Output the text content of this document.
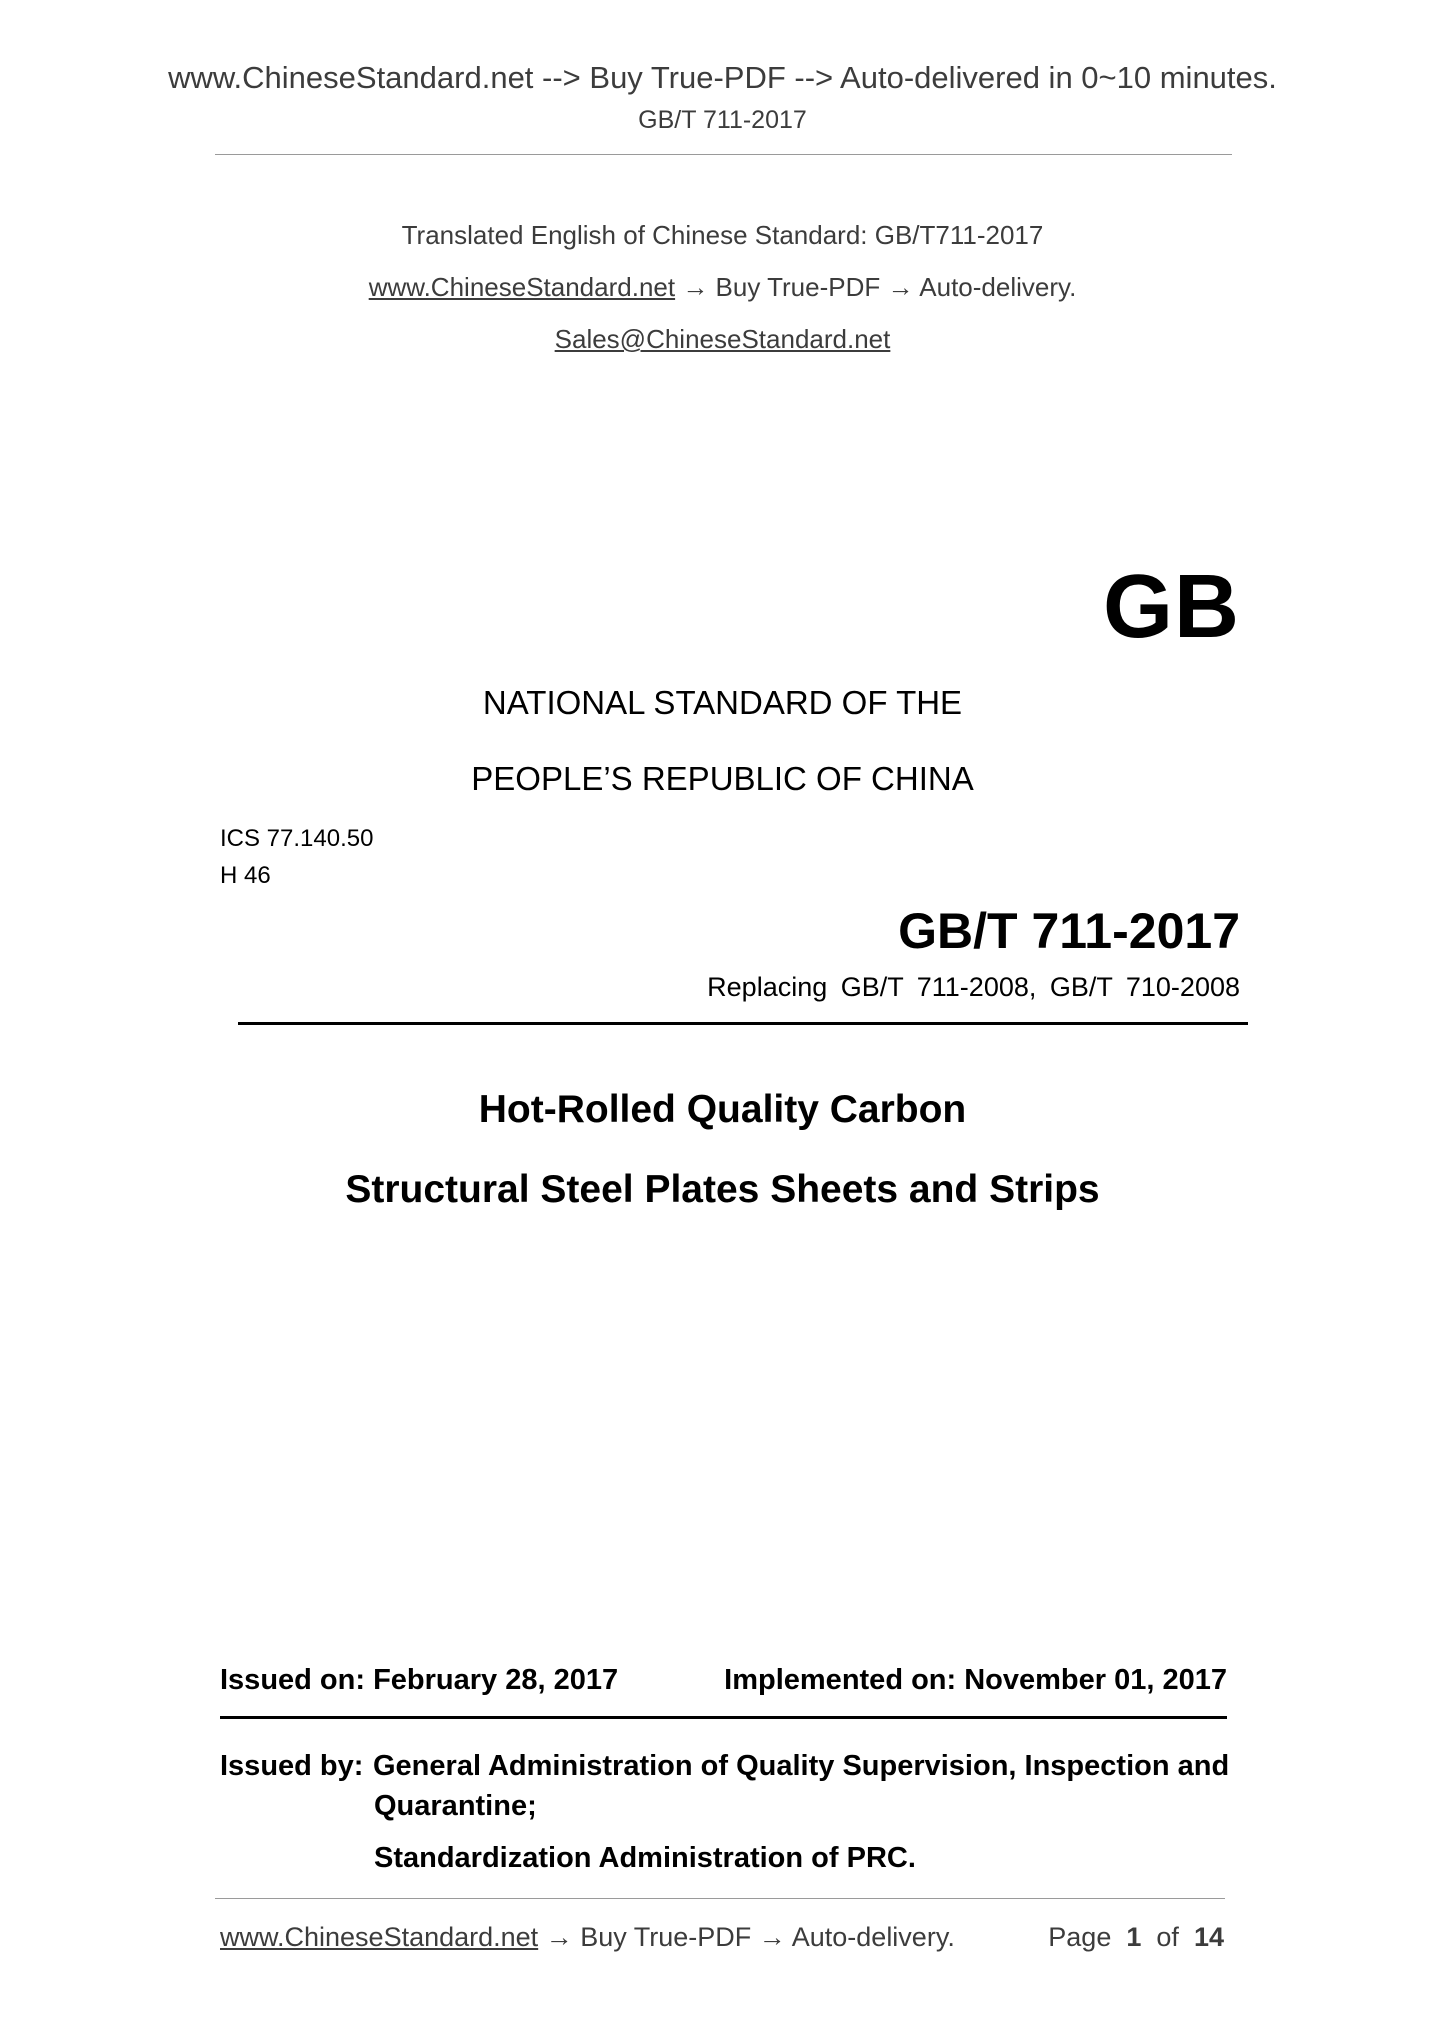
www.ChineseStandard.net --> Buy True-PDF --> Auto-delivered in 0~10 minutes.
GB/T 711-2017
Translated English of Chinese Standard: GB/T711-2017
www.ChineseStandard.net → Buy True-PDF → Auto-delivery.
Sales@ChineseStandard.net
GB
NATIONAL STANDARD OF THE
PEOPLE’S REPUBLIC OF CHINA
ICS 77.140.50
H 46
GB/T 711-2017
Replacing GB/T 711-2008, GB/T 710-2008
Hot-Rolled Quality Carbon
Structural Steel Plates Sheets and Strips
Issued on: February 28, 2017	Implemented on: November 01, 2017
Issued by: General Administration of Quality Supervision, Inspection and
Quarantine;
Standardization Administration of PRC.
www.ChineseStandard.net → Buy True-PDF → Auto-delivery.	Page 1 of 14
